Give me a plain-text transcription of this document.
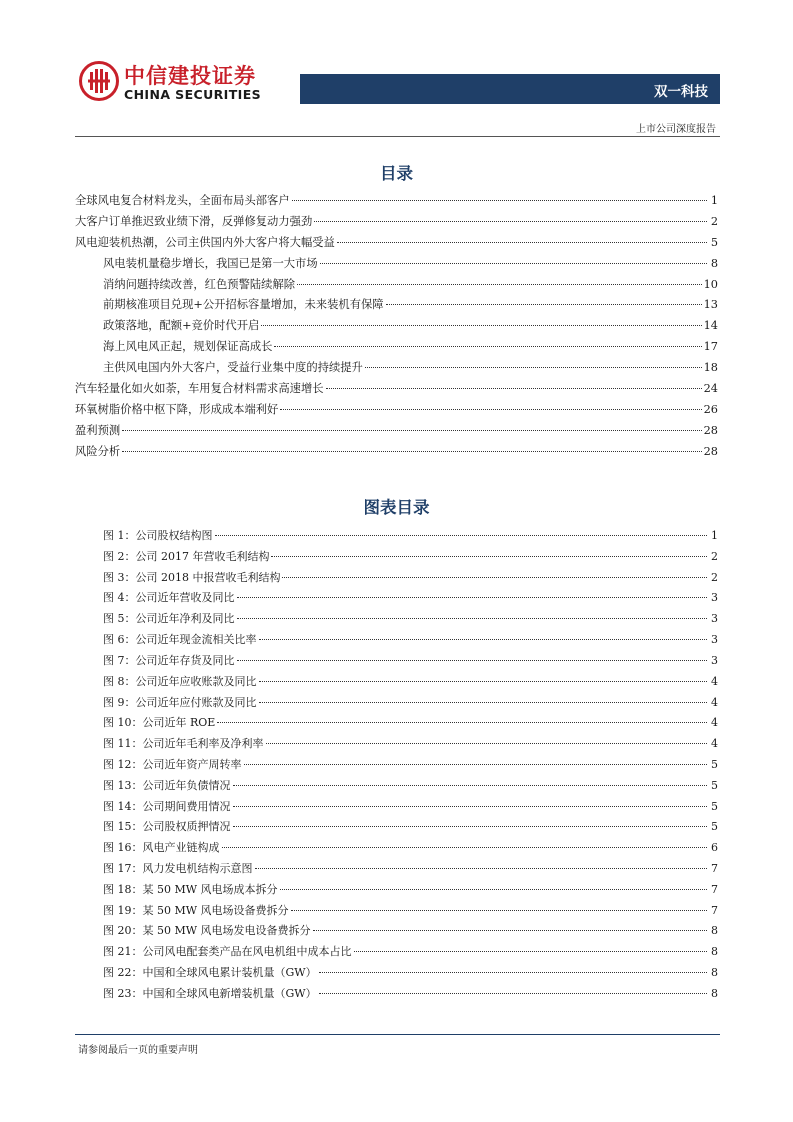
中信建投证券
CHINA SECURITIES	双一科技
上市公司深度报告
目录
全球风电复合材料龙头，全面布局头部客户	1
大客户订单推迟致业绩下滑，反弹修复动力强劲	2
风电迎装机热潮，公司主供国内外大客户将大幅受益	5
风电装机量稳步增长，我国已是第一大市场	8
消纳问题持续改善，红色预警陆续解除	10
前期核准项目兑现+公开招标容量增加，未来装机有保障	13
政策落地，配额+竞价时代开启	14
海上风电风正起，规划保证高成长	17
主供风电国内外大客户，受益行业集中度的持续提升	18
汽车轻量化如火如荼，车用复合材料需求高速增长	24
环氧树脂价格中枢下降，形成成本端利好	26
盈利预测	28
风险分析	28
图表目录
图 1：公司股权结构图	1
图 2：公司 2017 年营收毛利结构	2
图 3：公司 2018 中报营收毛利结构	2
图 4：公司近年营收及同比	3
图 5：公司近年净利及同比	3
图 6：公司近年现金流相关比率	3
图 7：公司近年存货及同比	3
图 8：公司近年应收账款及同比	4
图 9：公司近年应付账款及同比	4
图 10：公司近年 ROE	4
图 11：公司近年毛利率及净利率	4
图 12：公司近年资产周转率	5
图 13：公司近年负债情况	5
图 14：公司期间费用情况	5
图 15：公司股权质押情况	5
图 16：风电产业链构成	6
图 17：风力发电机结构示意图	7
图 18：某 50 MW 风电场成本拆分	7
图 19：某 50 MW 风电场设备费拆分	7
图 20：某 50 MW 风电场发电设备费拆分	8
图 21：公司风电配套类产品在风电机组中成本占比	8
图 22：中国和全球风电累计装机量（GW）	8
图 23：中国和全球风电新增装机量（GW）	8
请参阅最后一页的重要声明
